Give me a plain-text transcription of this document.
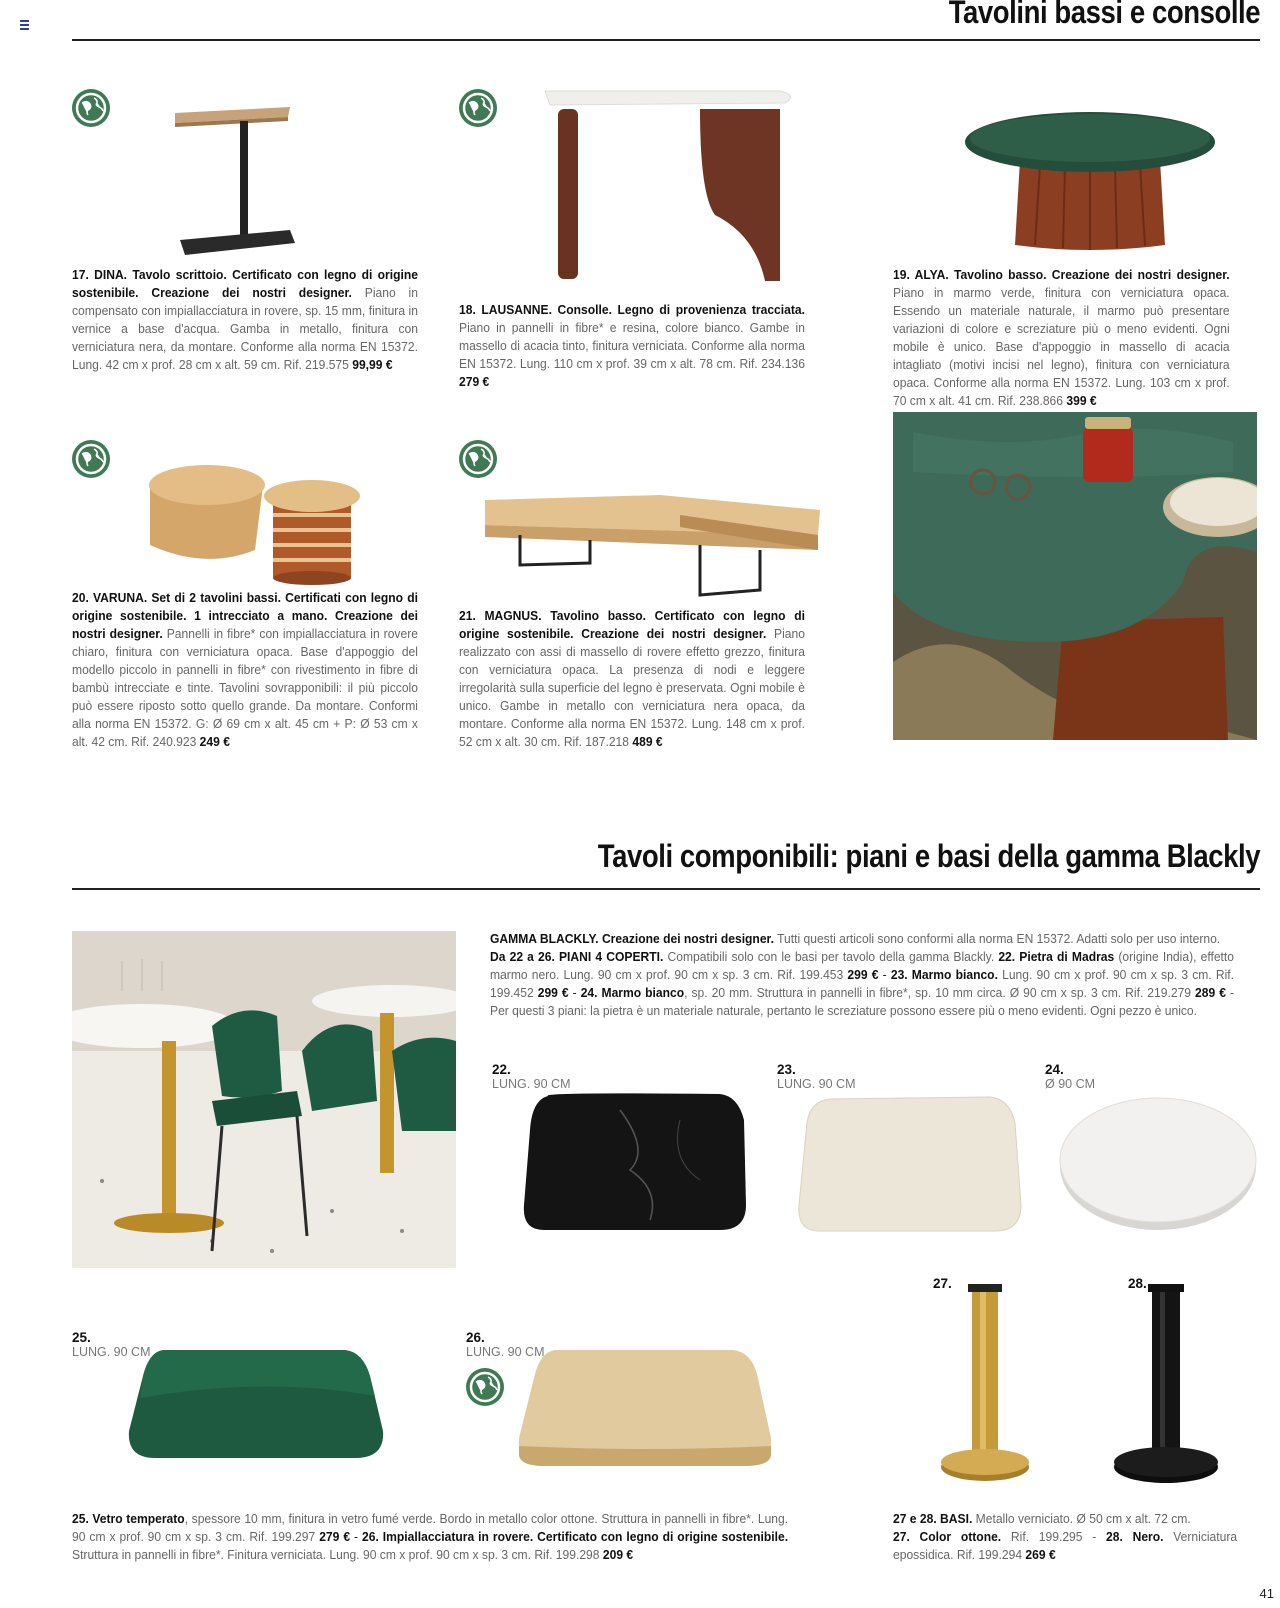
Tavolini bassi e consolle
17. DINA. Tavolo scrittoio. Certificato con legno di origine sostenibile. Creazione dei nostri designer. Piano in compensato con impiallacciatura in rovere, sp. 15 mm, finitura in vernice a base d'acqua. Gamba in metallo, finitura con verniciatura nera, da montare. Conforme alla norma EN 15372. Lung. 42 cm x prof. 28 cm x alt. 59 cm. Rif. 219.575 99,99 €
18. LAUSANNE. Consolle. Legno di provenienza tracciata. Piano in pannelli in fibre* e resina, colore bianco. Gambe in massello di acacia tinto, finitura verniciata. Conforme alla norma EN 15372. Lung. 110 cm x prof. 39 cm x alt. 78 cm. Rif. 234.136 279 €
19. ALYA. Tavolino basso. Creazione dei nostri designer. Piano in marmo verde, finitura con verniciatura opaca. Essendo un materiale naturale, il marmo può presentare variazioni di colore e screziature più o meno evidenti. Ogni mobile è unico. Base d'appoggio in massello di acacia intagliato (motivi incisi nel legno), finitura con verniciatura opaca. Conforme alla norma EN 15372. Lung. 103 cm x prof. 70 cm x alt. 41 cm. Rif. 238.866 399 €
20. VARUNA. Set di 2 tavolini bassi. Certificati con legno di origine sostenibile. 1 intrecciato a mano. Creazione dei nostri designer. Pannelli in fibre* con impiallacciatura in rovere chiaro, finitura con verniciatura opaca. Base d'appoggio del modello piccolo in pannelli in fibre* con rivestimento in fibre di bambù intrecciate e tinte. Tavolini sovrapponibili: il più piccolo può essere riposto sotto quello grande. Da montare. Conformi alla norma EN 15372. G: Ø 69 cm x alt. 45 cm + P: Ø 53 cm x alt. 42 cm. Rif. 240.923 249 €
21. MAGNUS. Tavolino basso. Certificato con legno di origine sostenibile. Creazione dei nostri designer. Piano realizzato con assi di massello di rovere effetto grezzo, finitura con verniciatura opaca. La presenza di nodi e leggere irregolarità sulla superficie del legno è preservata. Ogni mobile è unico. Gambe in metallo con verniciatura nera opaca, da montare. Conforme alla norma EN 15372. Lung. 148 cm x prof. 52 cm x alt. 30 cm. Rif. 187.218 489 €
Tavoli componibili: piani e basi della gamma Blackly
GAMMA BLACKLY. Creazione dei nostri designer. Tutti questi articoli sono conformi alla norma EN 15372. Adatti solo per uso interno.
Da 22 a 26. PIANI 4 COPERTI. Compatibili solo con le basi per tavolo della gamma Blackly. 22. Pietra di Madras (origine India), effetto marmo nero. Lung. 90 cm x prof. 90 cm x sp. 3 cm. Rif. 199.453 299 € - 23. Marmo bianco. Lung. 90 cm x prof. 90 cm x sp. 3 cm. Rif. 199.452 299 € - 24. Marmo bianco, sp. 20 mm. Struttura in pannelli in fibre*, sp. 10 mm circa. Ø 90 cm x sp. 3 cm. Rif. 219.279 289 € - Per questi 3 piani: la pietra è un materiale naturale, pertanto le screziature possono essere più o meno evidenti. Ogni pezzo è unico.
22.
LUNG. 90 CM
23.
LUNG. 90 CM
24.
Ø 90 CM
27.	28.
25.
LUNG. 90 CM
26.
LUNG. 90 CM
25. Vetro temperato, spessore 10 mm, finitura in vetro fumé verde. Bordo in metallo color ottone. Struttura in pannelli in fibre*. Lung. 90 cm x prof. 90 cm x sp. 3 cm. Rif. 199.297 279 € - 26. Impiallacciatura in rovere. Certificato con legno di origine sostenibile. Struttura in pannelli in fibre*. Finitura verniciata. Lung. 90 cm x prof. 90 cm x sp. 3 cm. Rif. 199.298 209 €
27 e 28. BASI. Metallo verniciato. Ø 50 cm x alt. 72 cm.
27. Color ottone. Rif. 199.295 - 28. Nero. Verniciatura epossidica. Rif. 199.294 269 €
41
